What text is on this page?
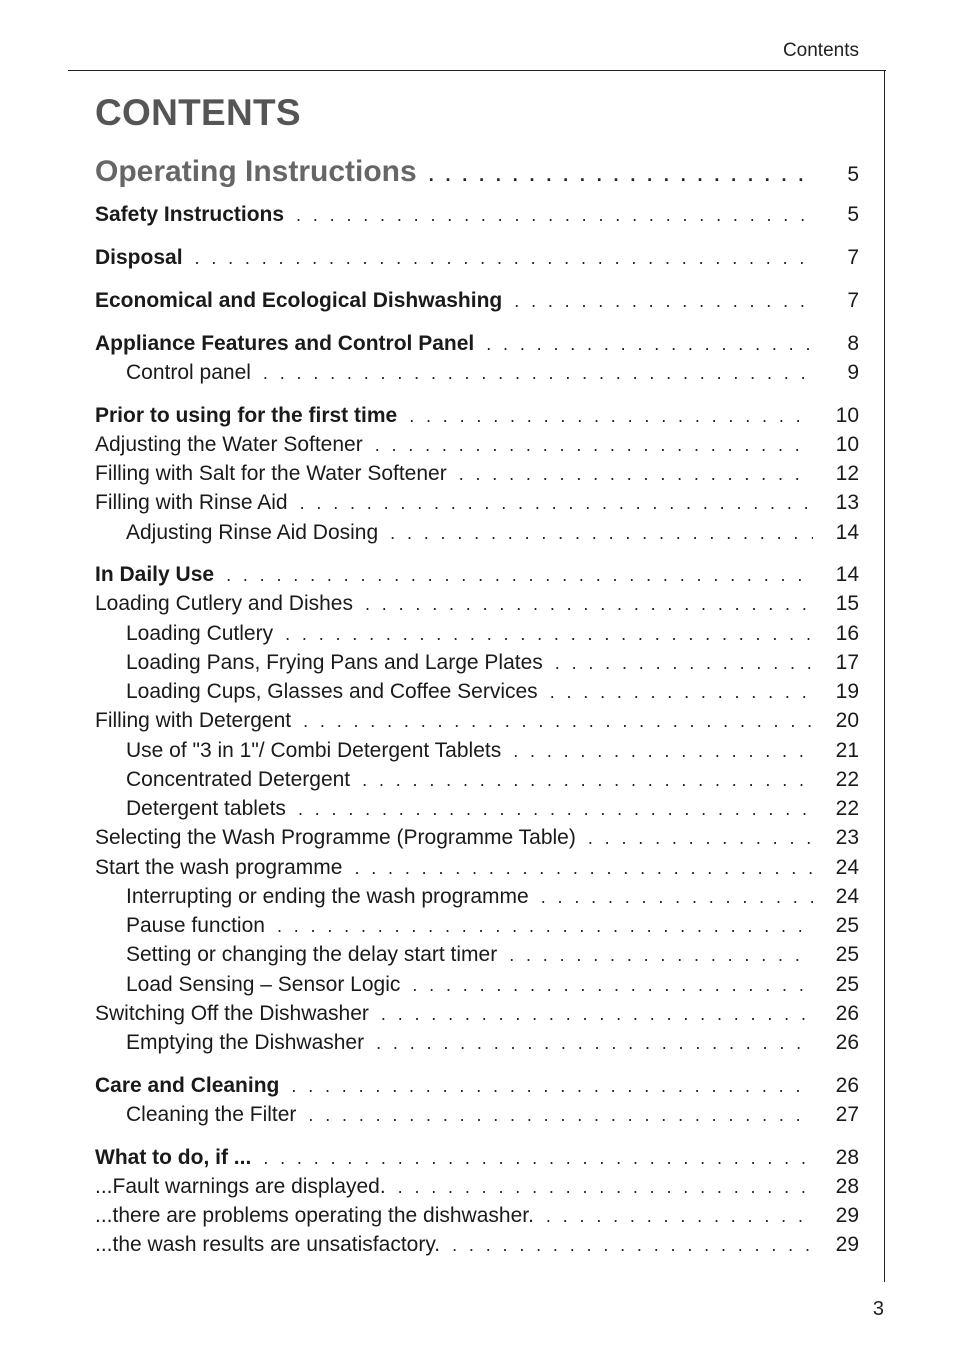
Contents
CONTENTS
Operating Instructions . . .	5
Safety Instructions . . .	5
Disposal . . .	7
Economical and Ecological Dishwashing . . .	7
Appliance Features and Control Panel . . .	8
Control panel . . .	9
Prior to using for the first time . . .	10
Adjusting the Water Softener . . .	10
Filling with Salt for the Water Softener . . .	12
Filling with Rinse Aid . . .	13
Adjusting Rinse Aid Dosing . . .	14
In Daily Use . . .	14
Loading Cutlery and Dishes . . .	15
Loading Cutlery . . .	16
Loading Pans, Frying Pans and Large Plates . . .	17
Loading Cups, Glasses and Coffee Services . . .	19
Filling with Detergent . . .	20
Use of "3 in 1"/ Combi Detergent Tablets . . .	21
Concentrated Detergent . . .	22
Detergent tablets . . .	22
Selecting the Wash Programme (Programme Table) . . .	23
Start the wash programme . . .	24
Interrupting or ending the wash programme . . .	24
Pause function . . .	25
Setting or changing the delay start timer . . .	25
Load Sensing – Sensor Logic . . .	25
Switching Off the Dishwasher . . .	26
Emptying the Dishwasher . . .	26
Care and Cleaning . . .	26
Cleaning the Filter . . .	27
What to do, if ... . . .	28
...Fault warnings are displayed. . . .	28
...there are problems operating the dishwasher. . . .	29
...the wash results are unsatisfactory. . . .	29
3
